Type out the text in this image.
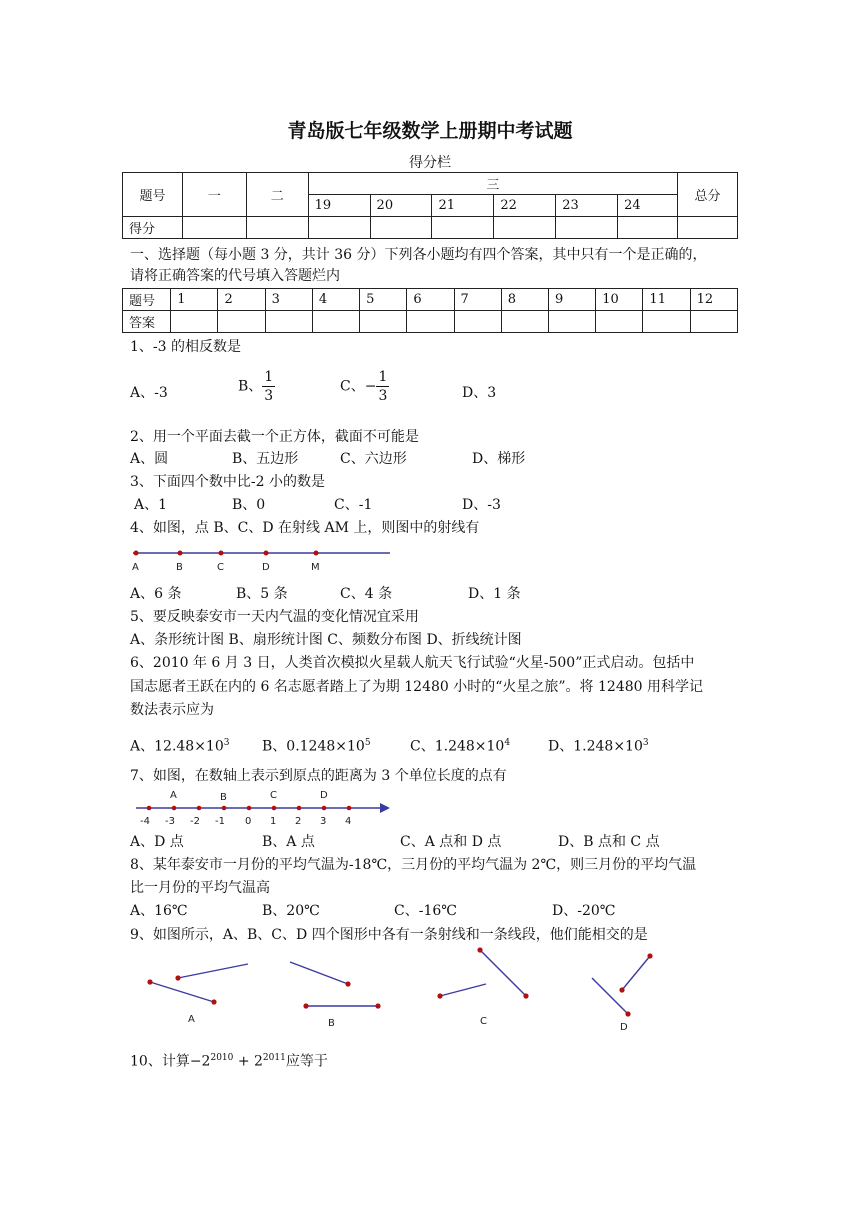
青岛版七年级数学上册期中考试题
得分栏
题号	一	二	三						总分
			19	20	21	22	23	24	
得分									
一、选择题（每小题 3 分，共计 36 分）下列各小题均有四个答案，其中只有一个是正确的，
请将正确答案的代号填入答题烂内
题号	1	2	3	4	5	6	7	8	9	10	11	12
答案												
1、-3 的相反数是
A、-3	B、 $\frac{1}{3}$	C、− $\frac{1}{3}$	D、3
2、用一个平面去截一个正方体，截面不可能是
A、圆	B、五边形	C、六边形	D、梯形
3、下面四个数中比-2 小的数是
A、1	B、0	C、-1	D、-3
4、如图，点 B、C、D 在射线 AM 上，则图中的射线有
A	B	C	D	M
A、6 条	B、5 条	C、4 条	D、1 条
5、要反映泰安市一天内气温的变化情况宜采用
A、条形统计图 B、扇形统计图 C、频数分布图 D、折线统计图
6、2010 年 6 月 3 日，人类首次模拟火星载人航天飞行试验“火星-500”正式启动。包括中
国志愿者王跃在内的 6 名志愿者踏上了为期 12480 小时的“火星之旅”。将 12480 用科学记
数法表示应为
A、$12.48\times 10^3$ B、$0.1248\times 10^5$	C、$1.248\times 10^4$	D、$1.248\times 10^3$
7、如图，在数轴上表示到原点的距离为 3 个单位长度的点有
A	B	C	D
-4 -3 -2 -1 0 1 2 3 4
A、D 点	B、A 点	C、A 点和 D 点	D、B 点和 C 点
8、某年泰安市一月份的平均气温为-18℃，三月份的平均气温为 2℃，则三月份的平均气温
比一月份的平均气温高
A、16℃	B、20℃	C、-16℃	D、-20℃
9、如图所示，A、B、C、D 四个图形中各有一条射线和一条线段，他们能相交的是
A	B	C
D
10、计算$-2^{2010} + 2^{2011}$应等于
